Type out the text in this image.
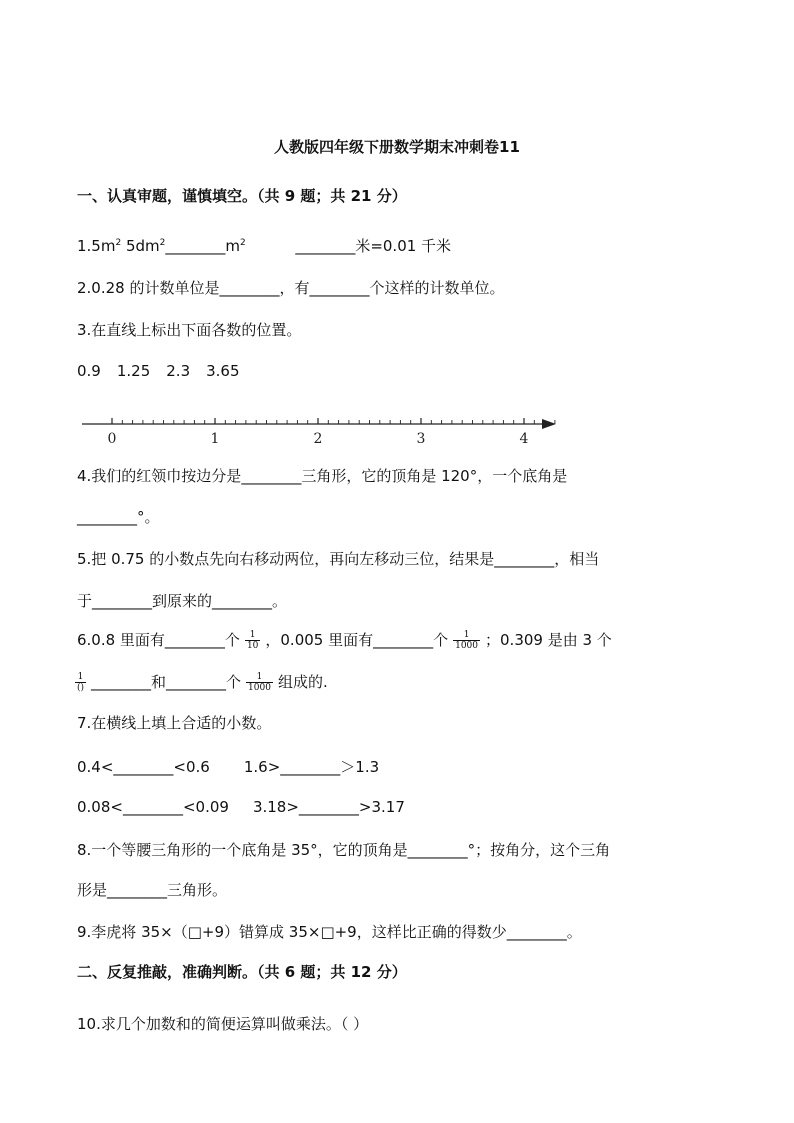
人教版四年级下册数学期末冲刺卷11
一、认真审题，谨慎填空。（共 9 题；共 21 分）
$1.5m^2$ $5dm^2\_\_\_\_\_\_\_\_m^2$	________米=0.01 千米
2.0.28 的计数单位是________，有________个这样的计数单位。
3.在直线上标出下面各数的位置。
0.9 1.25 2.3 3.65
0	1	2	3	4
4.我们的红领巾按边分是________三角形，它的顶角是 120°，一个底角是
________°。
5.把 0.75 的小数点先向右移动两位，再向左移动三位，结果是________，相当
于________到原来的________。
6.0.8 里面有________个 $\frac{1}{10}$ ，0.005 里面有________个 $\frac{1}{1000}$ ；0.309 是由 3 个
$\frac{1}{()}$ ________和________个 $\frac{1}{1000}$ 组成的.
7.在横线上填上合适的小数。
0.4<________<0.6 1.6>________＞1.3
0.08<________<0.09 3.18>________>3.17
8.一个等腰三角形的一个底角是 35°，它的顶角是________°；按角分，这个三角
形是________三角形。
9.李虎将 35×（□+9）错算成 35×□+9，这样比正确的得数少________。
二、反复推敲，准确判断。（共 6 题；共 12 分）
10.求几个加数和的简便运算叫做乘法。（ ）
